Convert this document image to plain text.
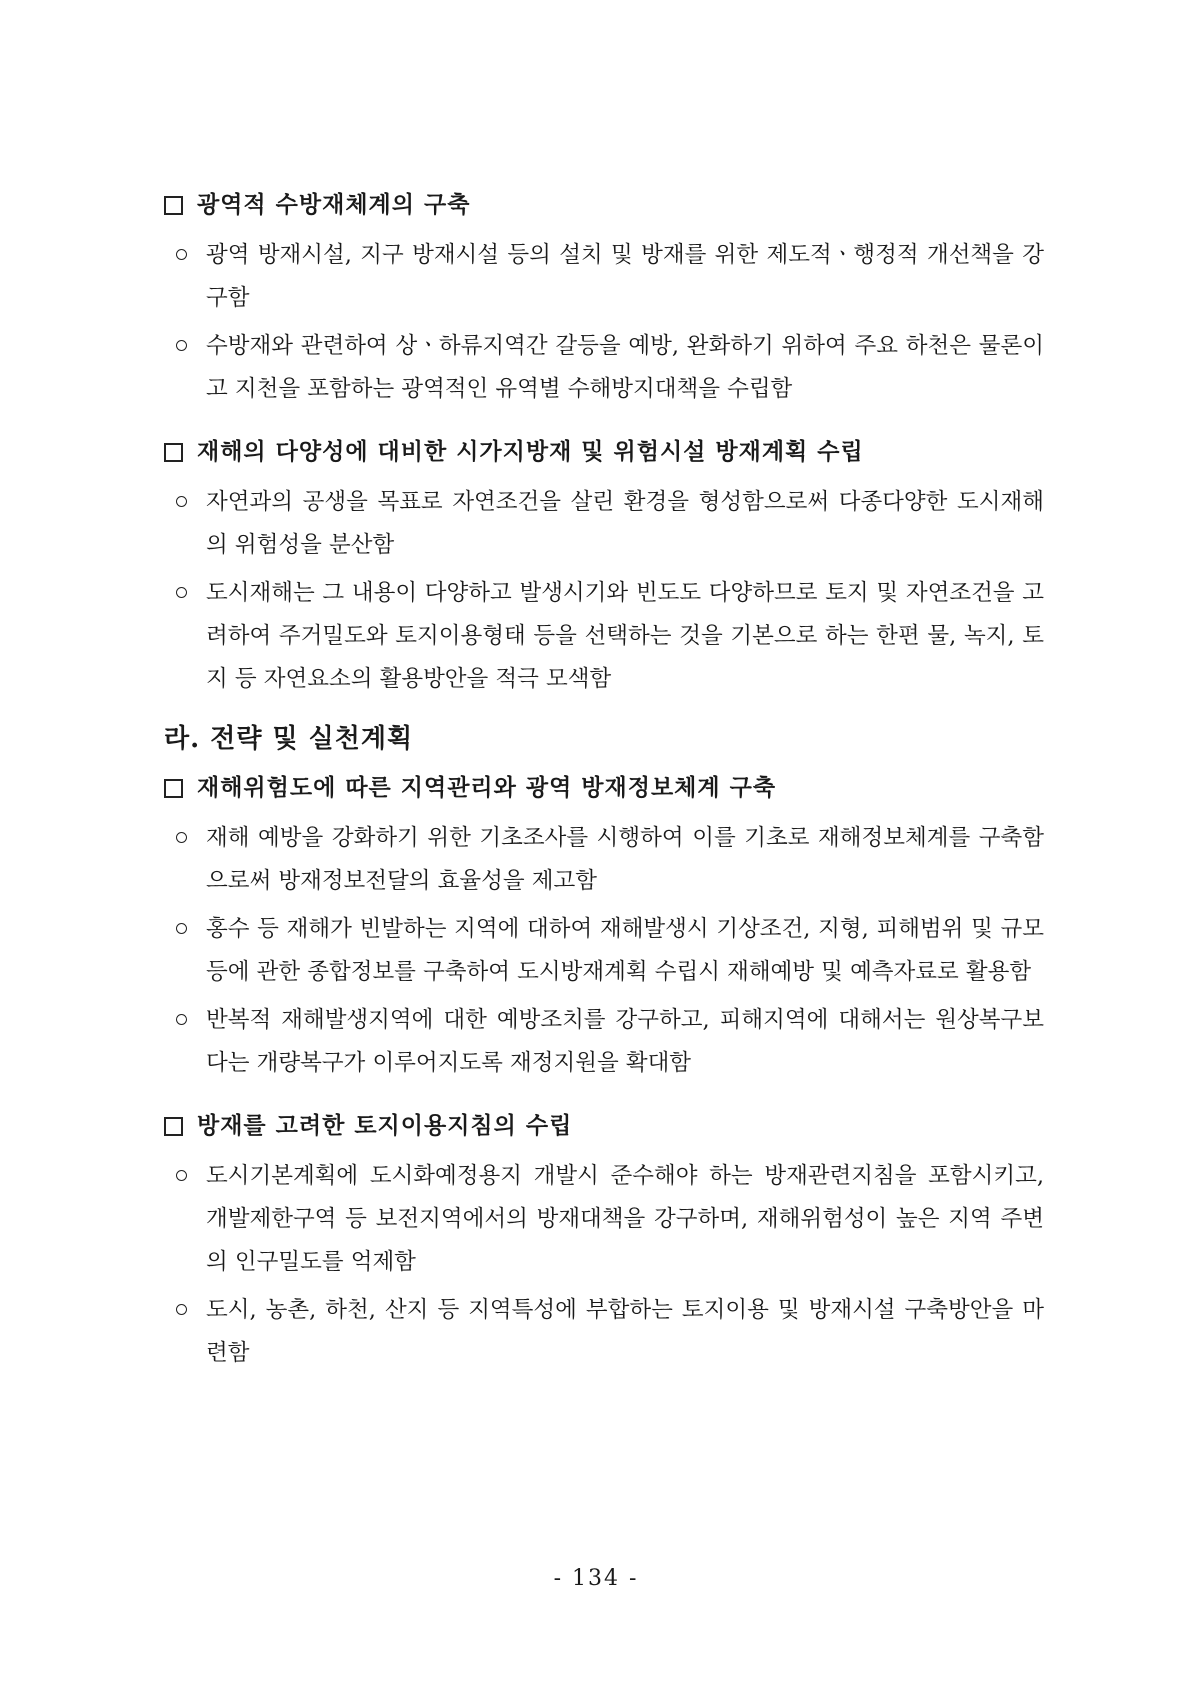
광역적 수방재체계의 구축
광역 방재시설, 지구 방재시설 등의 설치 및 방재를 위한 제도적ㆍ행정적 개선책을 강구함
수방재와 관련하여 상ㆍ하류지역간 갈등을 예방, 완화하기 위하여 주요 하천은 물론이고 지천을 포함하는 광역적인 유역별 수해방지대책을 수립함
재해의 다양성에 대비한 시가지방재 및 위험시설 방재계획 수립
자연과의 공생을 목표로 자연조건을 살린 환경을 형성함으로써 다종다양한 도시재해의 위험성을 분산함
도시재해는 그 내용이 다양하고 발생시기와 빈도도 다양하므로 토지 및 자연조건을 고려하여 주거밀도와 토지이용형태 등을 선택하는 것을 기본으로 하는 한편 물, 녹지, 토지 등 자연요소의 활용방안을 적극 모색함
라. 전략 및 실천계획
재해위험도에 따른 지역관리와 광역 방재정보체계 구축
재해 예방을 강화하기 위한 기초조사를 시행하여 이를 기초로 재해정보체계를 구축함으로써 방재정보전달의 효율성을 제고함
홍수 등 재해가 빈발하는 지역에 대하여 재해발생시 기상조건, 지형, 피해범위 및 규모 등에 관한 종합정보를 구축하여 도시방재계획 수립시 재해예방 및 예측자료로 활용함
반복적 재해발생지역에 대한 예방조치를 강구하고, 피해지역에 대해서는 원상복구보다는 개량복구가 이루어지도록 재정지원을 확대함
방재를 고려한 토지이용지침의 수립
도시기본계획에 도시화예정용지 개발시 준수해야 하는 방재관련지침을 포함시키고, 개발제한구역 등 보전지역에서의 방재대책을 강구하며, 재해위험성이 높은 지역 주변의 인구밀도를 억제함
도시, 농촌, 하천, 산지 등 지역특성에 부합하는 토지이용 및 방재시설 구축방안을 마련함
- 134 -
